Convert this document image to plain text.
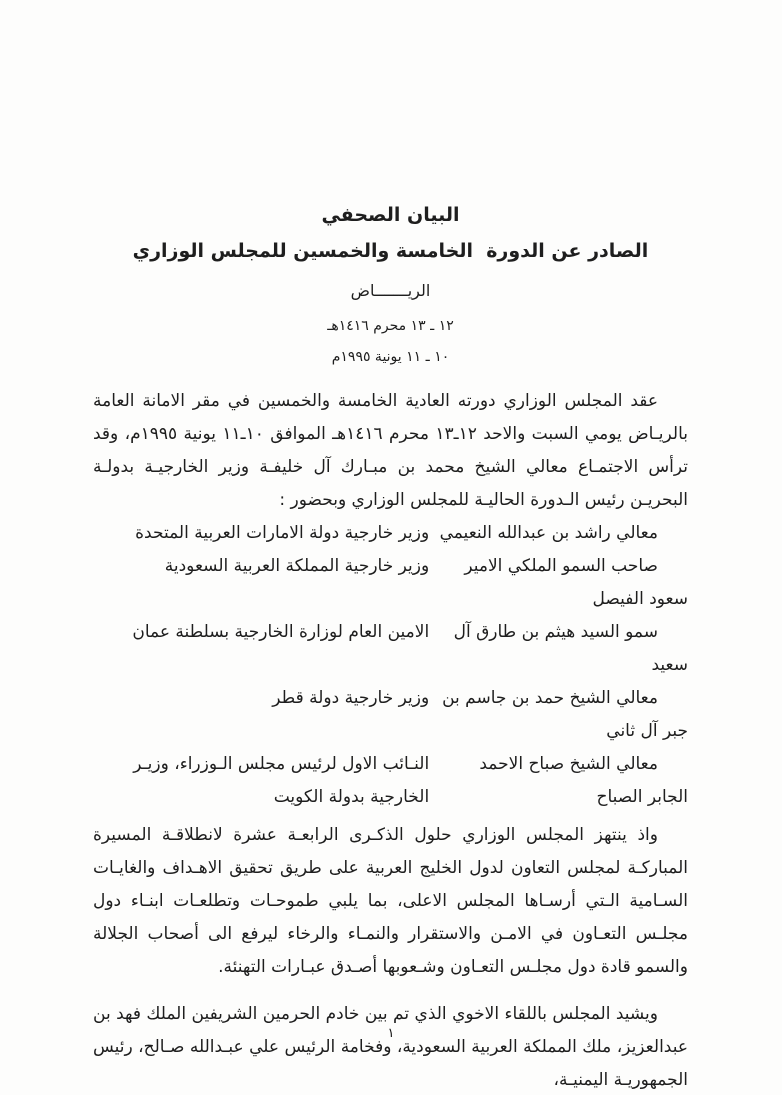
البيان الصحفي
الصادر عن الدورة  الخامسة والخمسين للمجلس الوزاري
الريـــــــاض
١٢ ـ ١٣ محرم ١٤١٦هـ
١٠ ـ ١١ يونية ١٩٩٥م

عقد المجلس الوزاري دورته العادية الخامسة والخمسين في مقر الامانة العامة بالريـاض يومي السبت والاحد ١٢ـ١٣ محرم ١٤١٦هـ الموافق ١٠ـ١١ يونية ١٩٩٥م، وقد ترأس الاجتمـاع معالي الشيخ محمد بن مبـارك آل خليفـة وزير الخارجيـة بدولـة البحريـن رئيس الـدورة الحاليـة للمجلس الوزاري وبحضور :

معالي راشد بن عبدالله النعيمي
وزير خارجية دولة الامارات العربية المتحدة
صاحب السمو الملكي الامير سعود الفيصل
وزير خارجية المملكة العربية السعودية
سمو السيد هيثم بن طارق آل سعيد
الامين العام لوزارة الخارجية بسلطنة عمان
معالي الشيخ حمد بن جاسم بن جبر آل ثاني
وزير خارجية دولة قطر
معالي الشيخ صباح الاحمد الجابر الصباح
النـائب الاول لرئيس مجلس الـوزراء، وزيـر الخارجية بدولة الكويت

واذ ينتهز المجلس الوزاري حلول الذكـرى الرابعـة عشرة لانطلاقـة المسيرة المباركـة لمجلس التعاون لدول الخليج العربية على طريق تحقيق الاهـداف والغايـات السـامية الـتي أرسـاها المجلس الاعلى، بما يلبي طموحـات وتطلعـات ابنـاء دول مجلـس التعـاون في الامـن والاستقرار والنمـاء والرخاء ليرفع الى أصحاب الجلالة والسمو قادة دول مجلـس التعـاون وشـعوبها أصـدق عبـارات التهنئة.

ويشيد المجلس باللقاء الاخوي الذي تم بين خادم الحرمين الشريفين الملك فهد بن عبدالعزيز، ملك المملكة العربية السعودية، وفخامة الرئيس علي عبـدالله صـالح، رئيس الجمهوريـة اليمنيـة،

١
